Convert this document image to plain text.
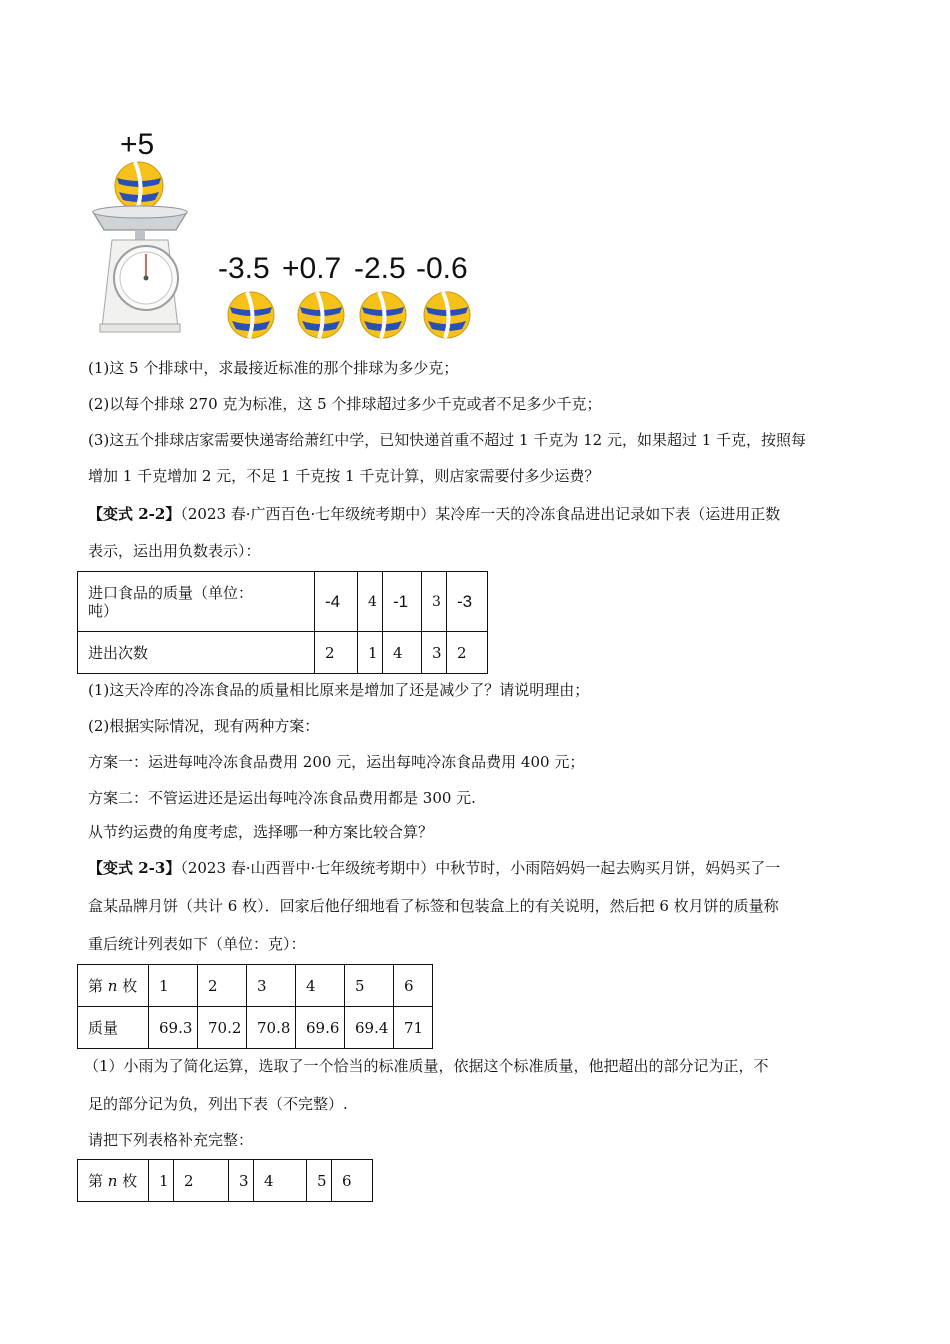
+5
-3.5 +0.7 -2.5 -0.6
(1)这 5 个排球中，求最接近标准的那个排球为多少克；
(2)以每个排球 270 克为标准，这 5 个排球超过多少千克或者不足多少千克；
(3)这五个排球店家需要快递寄给萧红中学，已知快递首重不超过 1 千克为 12 元，如果超过 1 千克，按照每
增加 1 千克增加 2 元，不足 1 千克按 1 千克计算，则店家需要付多少运费？
【变式 2-2】（2023 春·广西百色·七年级统考期中）某冷库一天的冷冻食品进出记录如下表（运进用正数
表示，运出用负数表示）：
进口食品的质量（单位：
吨）	-4	4	-1	3	-3
进出次数	2	1	4	3	2
(1)这天冷库的冷冻食品的质量相比原来是增加了还是减少了？请说明理由；
(2)根据实际情况，现有两种方案：
方案一：运进每吨冷冻食品费用 200 元，运出每吨冷冻食品费用 400 元；
方案二：不管运进还是运出每吨冷冻食品费用都是 300 元.
从节约运费的角度考虑，选择哪一种方案比较合算？
【变式 2-3】（2023 春·山西晋中·七年级统考期中）中秋节时，小雨陪妈妈一起去购买月饼，妈妈买了一
盒某品牌月饼（共计 6 枚）．回家后他仔细地看了标签和包装盒上的有关说明，然后把 6 枚月饼的质量称
重后统计列表如下（单位：克）：
第 n 枚	1	2	3	4	5	6
质量	69.3	70.2	70.8	69.6	69.4	71
（1）小雨为了简化运算，选取了一个恰当的标准质量，依据这个标准质量，他把超出的部分记为正，不
足的部分记为负，列出下表（不完整）.
请把下列表格补充完整：
第 n 枚	1	2	3	4	5	6
